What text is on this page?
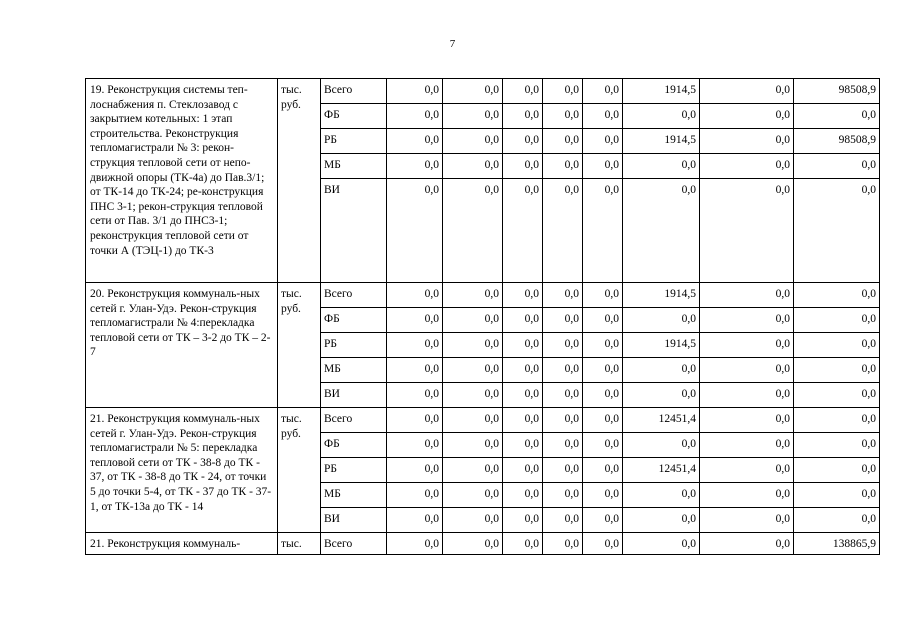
7
19. Реконструкция системы теп-лоснабжения п. Стеклозавод с закрытием котельных: 1 этап строительства. Реконструкция тепломагистрали № 3: рекон-струкция тепловой сети от непо-движной опоры (ТК-4а) до Пав.3/1; от ТК-14 до ТК-24; ре-конструкция ПНС 3-1; рекон-струкция тепловой сети от Пав. 3/1 до ПНС3-1; реконструкция тепловой сети от точки А (ТЭЦ-1) до ТК-3	тыс. руб.	Всего	0,0	0,0	0,0	0,0	0,0	1914,5	0,0	98508,9
		ФБ	0,0	0,0	0,0	0,0	0,0	0,0	0,0	0,0
		РБ	0,0	0,0	0,0	0,0	0,0	1914,5	0,0	98508,9
		МБ	0,0	0,0	0,0	0,0	0,0	0,0	0,0	0,0
		ВИ	0,0	0,0	0,0	0,0	0,0	0,0	0,0	0,0
20. Реконструкция коммуналь-ных сетей г. Улан-Удэ. Рекон-струкция тепломагистрали № 4:перекладка тепловой сети от ТК – 3-2 до ТК – 2-7	тыс. руб.	Всего	0,0	0,0	0,0	0,0	0,0	1914,5	0,0	0,0
		ФБ	0,0	0,0	0,0	0,0	0,0	0,0	0,0	0,0
		РБ	0,0	0,0	0,0	0,0	0,0	1914,5	0,0	0,0
		МБ	0,0	0,0	0,0	0,0	0,0	0,0	0,0	0,0
		ВИ	0,0	0,0	0,0	0,0	0,0	0,0	0,0	0,0
21. Реконструкция коммуналь-ных сетей г. Улан-Удэ. Рекон-струкция тепломагистрали № 5: перекладка тепловой сети от ТК - 38-8 до ТК - 37, от ТК - 38-8 до ТК - 24, от точки 5 до точки 5-4, от ТК - 37 до ТК - 37-1, от ТК-13а до ТК - 14	тыс. руб.	Всего	0,0	0,0	0,0	0,0	0,0	12451,4	0,0	0,0
		ФБ	0,0	0,0	0,0	0,0	0,0	0,0	0,0	0,0
		РБ	0,0	0,0	0,0	0,0	0,0	12451,4	0,0	0,0
		МБ	0,0	0,0	0,0	0,0	0,0	0,0	0,0	0,0
		ВИ	0,0	0,0	0,0	0,0	0,0	0,0	0,0	0,0
21. Реконструкция коммуналь-	тыс.	Всего	0,0	0,0	0,0	0,0	0,0	0,0	0,0	138865,9
